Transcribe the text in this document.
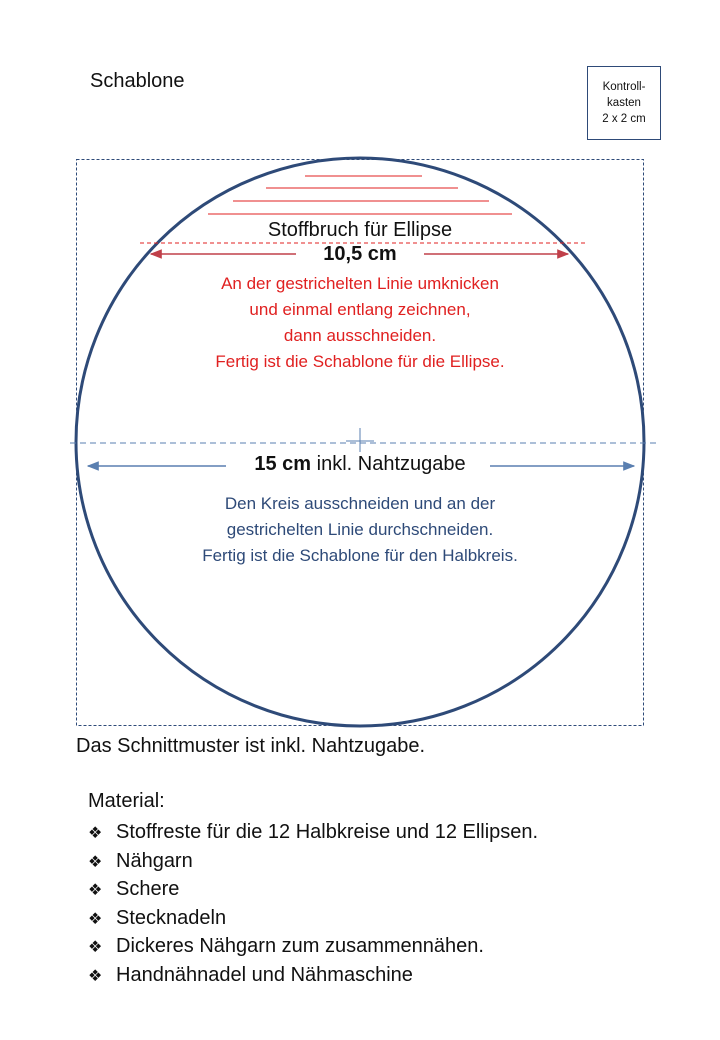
Schablone	Kontroll-
kasten
2 x 2 cm
Stoffbruch für Ellipse
10,5 cm
An der gestrichelten Linie umknicken
und einmal entlang zeichnen,
dann ausschneiden.
Fertig ist die Schablone für die Ellipse.
15 cm inkl. Nahtzugabe
Den Kreis ausschneiden und an der
gestrichelten Linie durchschneiden.
Fertig ist die Schablone für den Halbkreis.
Das Schnittmuster ist inkl. Nahtzugabe.
Material:
❖ Stoffreste für die 12 Halbkreise und 12 Ellipsen.
❖ Nähgarn
❖ Schere
❖ Stecknadeln
❖ Dickeres Nähgarn zum zusammennähen.
❖ Handnähnadel und Nähmaschine
